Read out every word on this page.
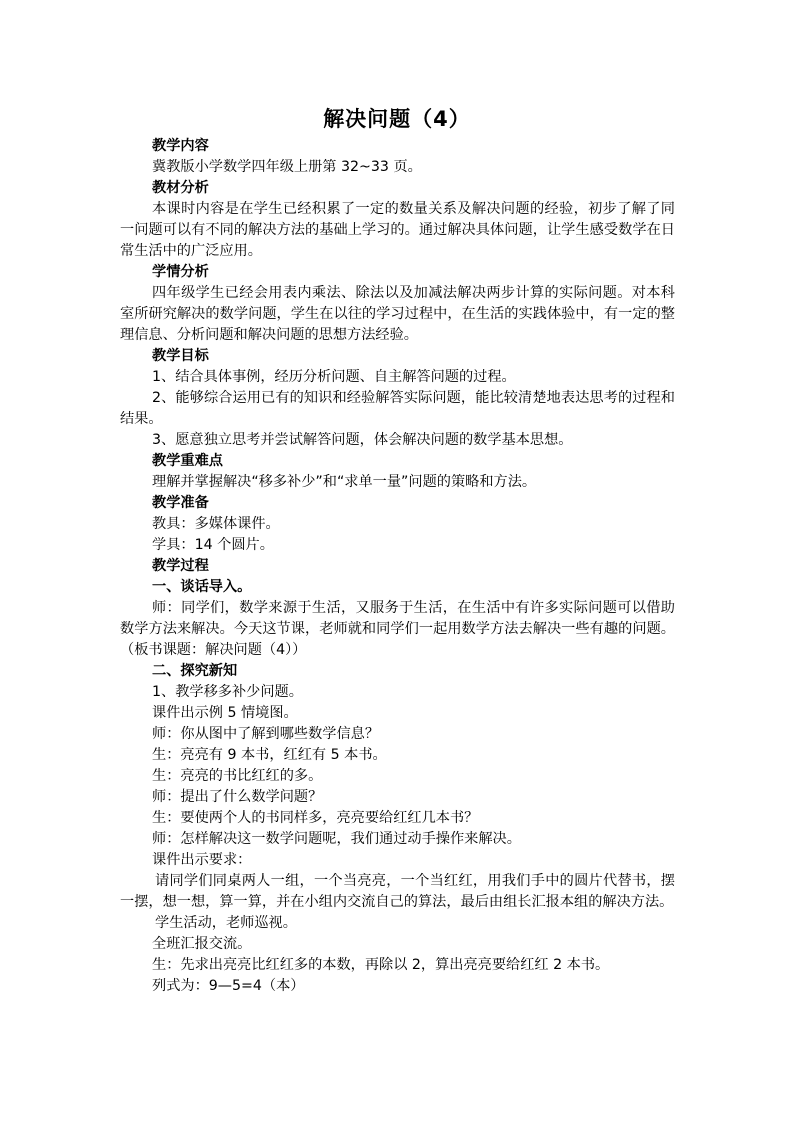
解决问题（4）

教学内容

冀教版小学数学四年级上册第 32~33 页。

教材分析

本课时内容是在学生已经积累了一定的数量关系及解决问题的经验，初步了解了同一问题可以有不同的解决方法的基础上学习的。通过解决具体问题，让学生感受数学在日常生活中的广泛应用。

学情分析

四年级学生已经会用表内乘法、除法以及加减法解决两步计算的实际问题。对本科室所研究解决的数学问题，学生在以往的学习过程中，在生活的实践体验中，有一定的整理信息、分析问题和解决问题的思想方法经验。

教学目标

1、结合具体事例，经历分析问题、自主解答问题的过程。

2、能够综合运用已有的知识和经验解答实际问题，能比较清楚地表达思考的过程和结果。

3、愿意独立思考并尝试解答问题，体会解决问题的数学基本思想。

教学重难点

理解并掌握解决“移多补少”和“求单一量”问题的策略和方法。

教学准备

教具：多媒体课件。

学具：14 个圆片。

教学过程

一、谈话导入。

师：同学们，数学来源于生活，又服务于生活，在生活中有许多实际问题可以借助数学方法来解决。今天这节课，老师就和同学们一起用数学方法去解决一些有趣的问题。（板书课题：解决问题（4））

二、探究新知

1、教学移多补少问题。

课件出示例 5 情境图。

师：你从图中了解到哪些数学信息？

生：亮亮有 9 本书，红红有 5 本书。

生：亮亮的书比红红的多。

师：提出了什么数学问题？

生：要使两个人的书同样多，亮亮要给红红几本书？

师：怎样解决这一数学问题呢，我们通过动手操作来解决。

课件出示要求：

请同学们同桌两人一组，一个当亮亮，一个当红红，用我们手中的圆片代替书，摆一摆，想一想，算一算，并在小组内交流自己的算法，最后由组长汇报本组的解决方法。

学生活动，老师巡视。

全班汇报交流。

生：先求出亮亮比红红多的本数，再除以 2，算出亮亮要给红红 2 本书。

列式为：9—5=4（本）
